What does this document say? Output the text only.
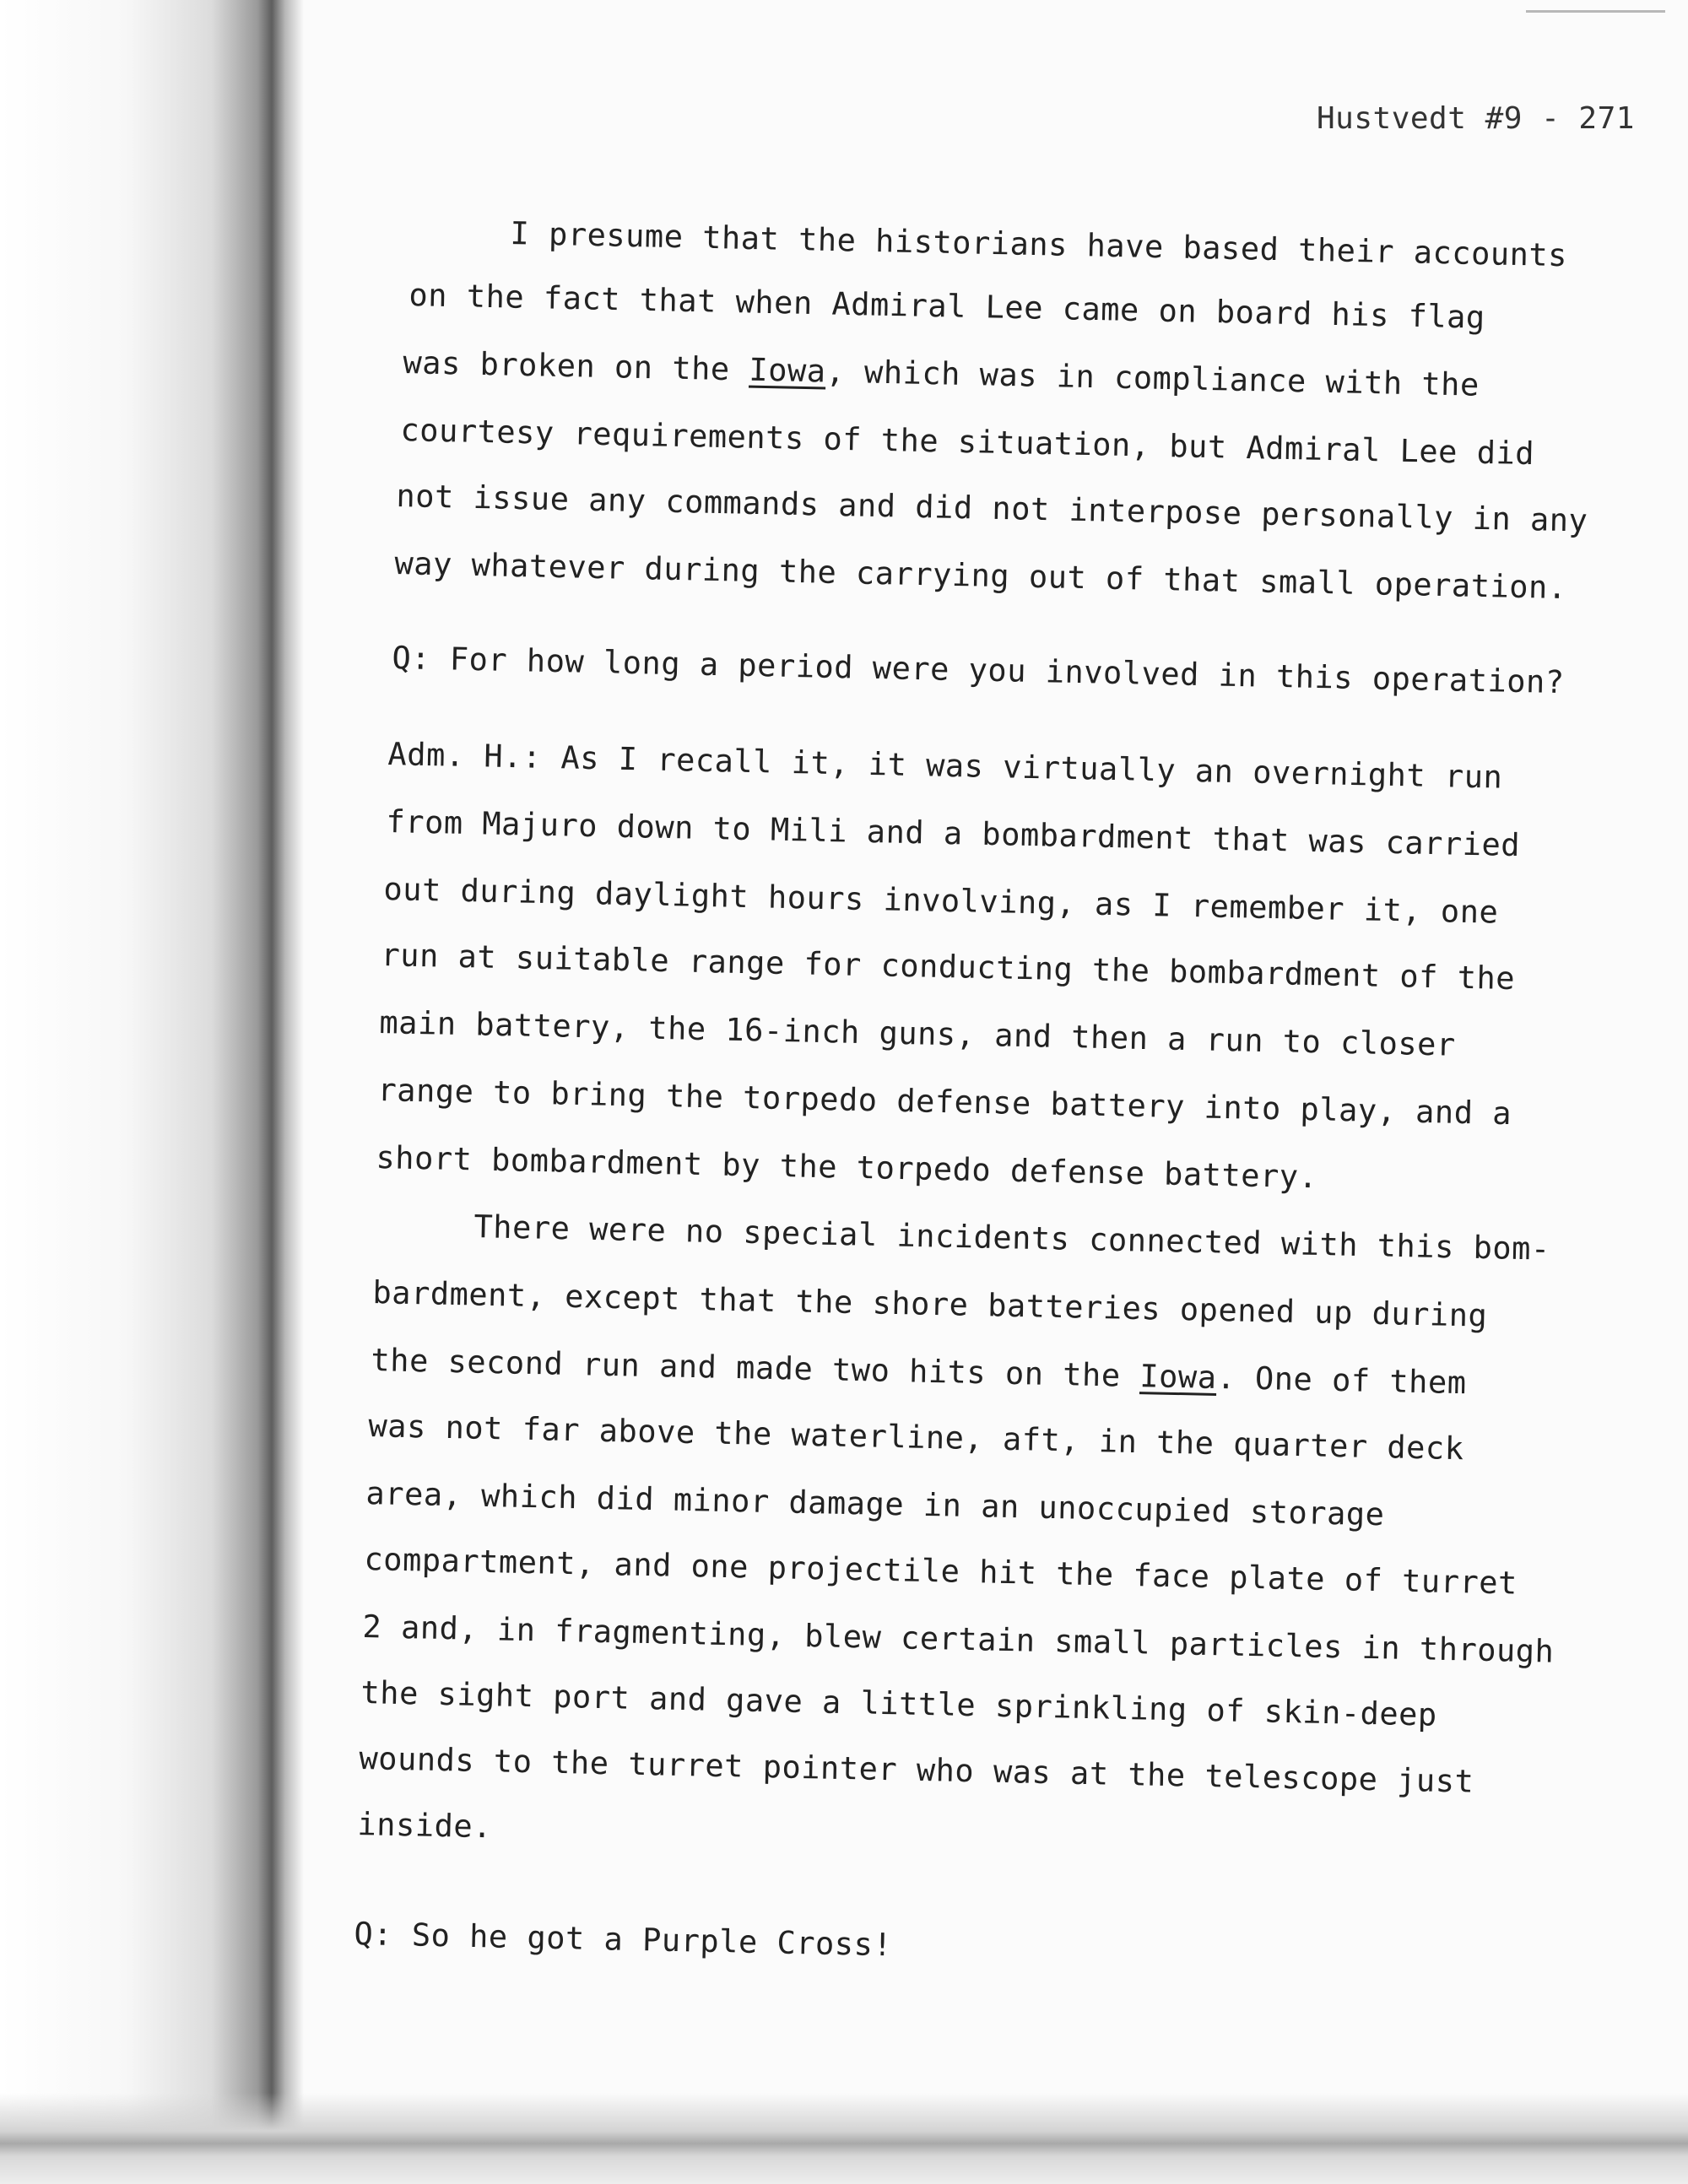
Hustvedt #9 - 271
I presume that the historians have based their accounts
on the fact that when Admiral Lee came on board his flag
was broken on the Iowa, which was in compliance with the
courtesy requirements of the situation, but Admiral Lee did
not issue any commands and did not interpose personally in any
way whatever during the carrying out of that small operation.
Q: For how long a period were you involved in this operation?
Adm. H.: As I recall it, it was virtually an overnight run
from Majuro down to Mili and a bombardment that was carried
out during daylight hours involving, as I remember it, one
run at suitable range for conducting the bombardment of the
main battery, the 16-inch guns, and then a run to closer
range to bring the torpedo defense battery into play, and a
short bombardment by the torpedo defense battery.
There were no special incidents connected with this bom-
bardment, except that the shore batteries opened up during
the second run and made two hits on the Iowa. One of them
was not far above the waterline, aft, in the quarter deck
area, which did minor damage in an unoccupied storage
compartment, and one projectile hit the face plate of turret
2 and, in fragmenting, blew certain small particles in through
the sight port and gave a little sprinkling of skin-deep
wounds to the turret pointer who was at the telescope just
inside.
Q: So he got a Purple Cross!
